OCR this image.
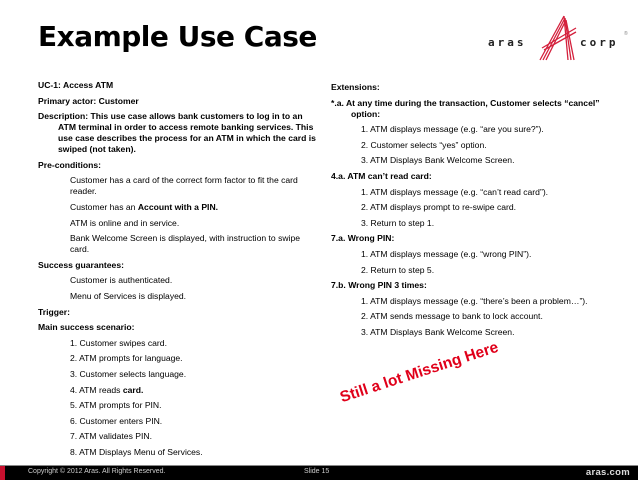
Example Use Case	aras	corp
®

UC-1: Access ATM

Primary actor: Customer

Description: This use case allows bank customers to log in to an ATM terminal in order to access remote banking services. This use case describes the process for an ATM in which the card is swiped (not taken).

Pre-conditions:

Customer has a card of the correct form factor to fit the card reader.

Customer has an Account with a PIN.

ATM is online and in service.

Bank Welcome Screen is displayed, with instruction to swipe card.

Success guarantees:

Customer is authenticated.

Menu of Services is displayed.

Trigger:

Main success scenario:

1. Customer swipes card.

2. ATM prompts for language.

3. Customer selects language.

4. ATM reads card.

5. ATM prompts for PIN.

6. Customer enters PIN.

7. ATM validates PIN.

8. ATM Displays Menu of Services.

Extensions:

*.a. At any time during the transaction, Customer selects “cancel” option:

1. ATM displays message (e.g. “are you sure?”).

2. Customer selects “yes” option.

3. ATM Displays Bank Welcome Screen.

4.a. ATM can’t read card:

1. ATM displays message (e.g. “can’t read card”).

2. ATM displays prompt to re-swipe card.

3. Return to step 1.

7.a. Wrong PIN:

1. ATM displays message (e.g. “wrong PIN”).

2. Return to step 5.

7.b. Wrong PIN 3 times:

1. ATM displays message (e.g. “there’s been a problem…”).

2. ATM sends message to bank to lock account.

3. ATM Displays Bank Welcome Screen.

Still a lot Missing Here
Copyright © 2012 Aras. All Rights Reserved.	Slide 15	aras.com
